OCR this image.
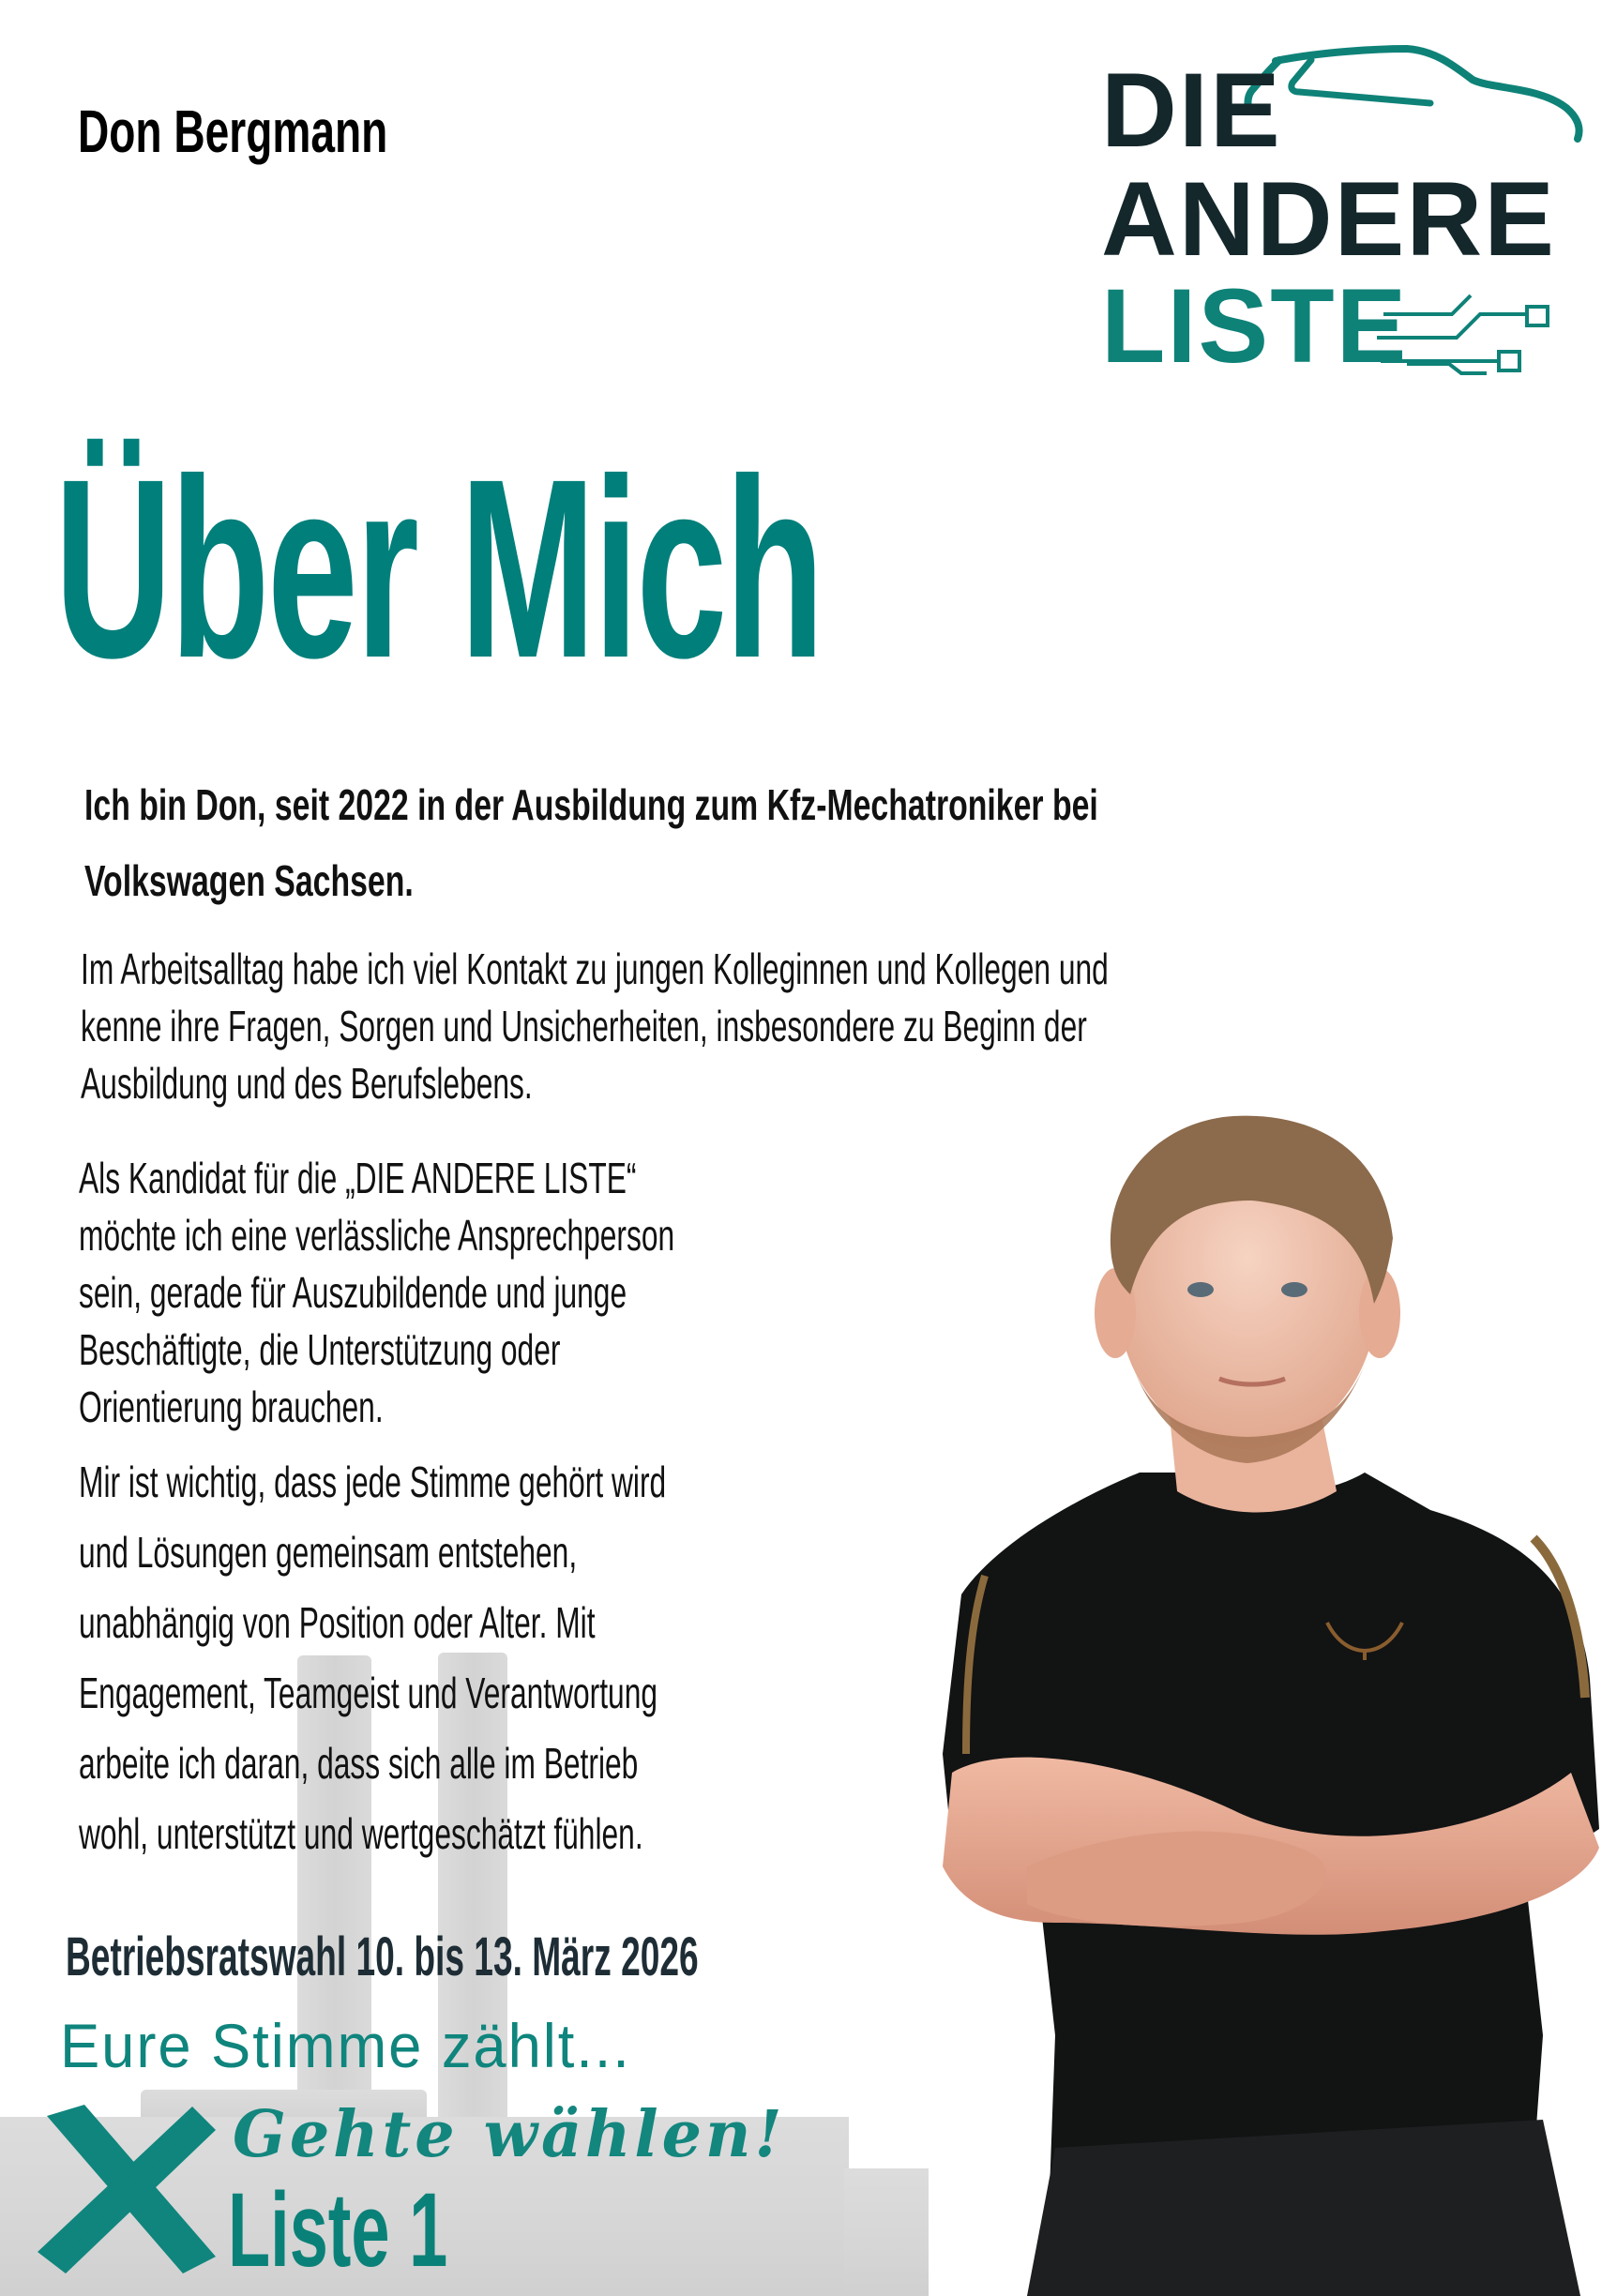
Don Bergmann	DIE
ANDERE
LISTE
Über Mich
Ich bin Don, seit 2022 in der Ausbildung zum Kfz-Mechatroniker bei
Volkswagen Sachsen.
Im Arbeitsalltag habe ich viel Kontakt zu jungen Kolleginnen und Kollegen und
kenne ihre Fragen, Sorgen und Unsicherheiten, insbesondere zu Beginn der
Ausbildung und des Berufslebens.
Als Kandidat für die „DIE ANDERE LISTE“
möchte ich eine verlässliche Ansprechperson
sein, gerade für Auszubildende und junge
Beschäftigte, die Unterstützung oder
Orientierung brauchen.
Mir ist wichtig, dass jede Stimme gehört wird
und Lösungen gemeinsam entstehen,
unabhängig von Position oder Alter. Mit
Engagement, Teamgeist und Verantwortung
arbeite ich daran, dass sich alle im Betrieb
wohl, unterstützt und wertgeschätzt fühlen.
Betriebsratswahl 10. bis 13. März 2026
Eure Stimme zählt...
Gehte wählen!
Liste 1
